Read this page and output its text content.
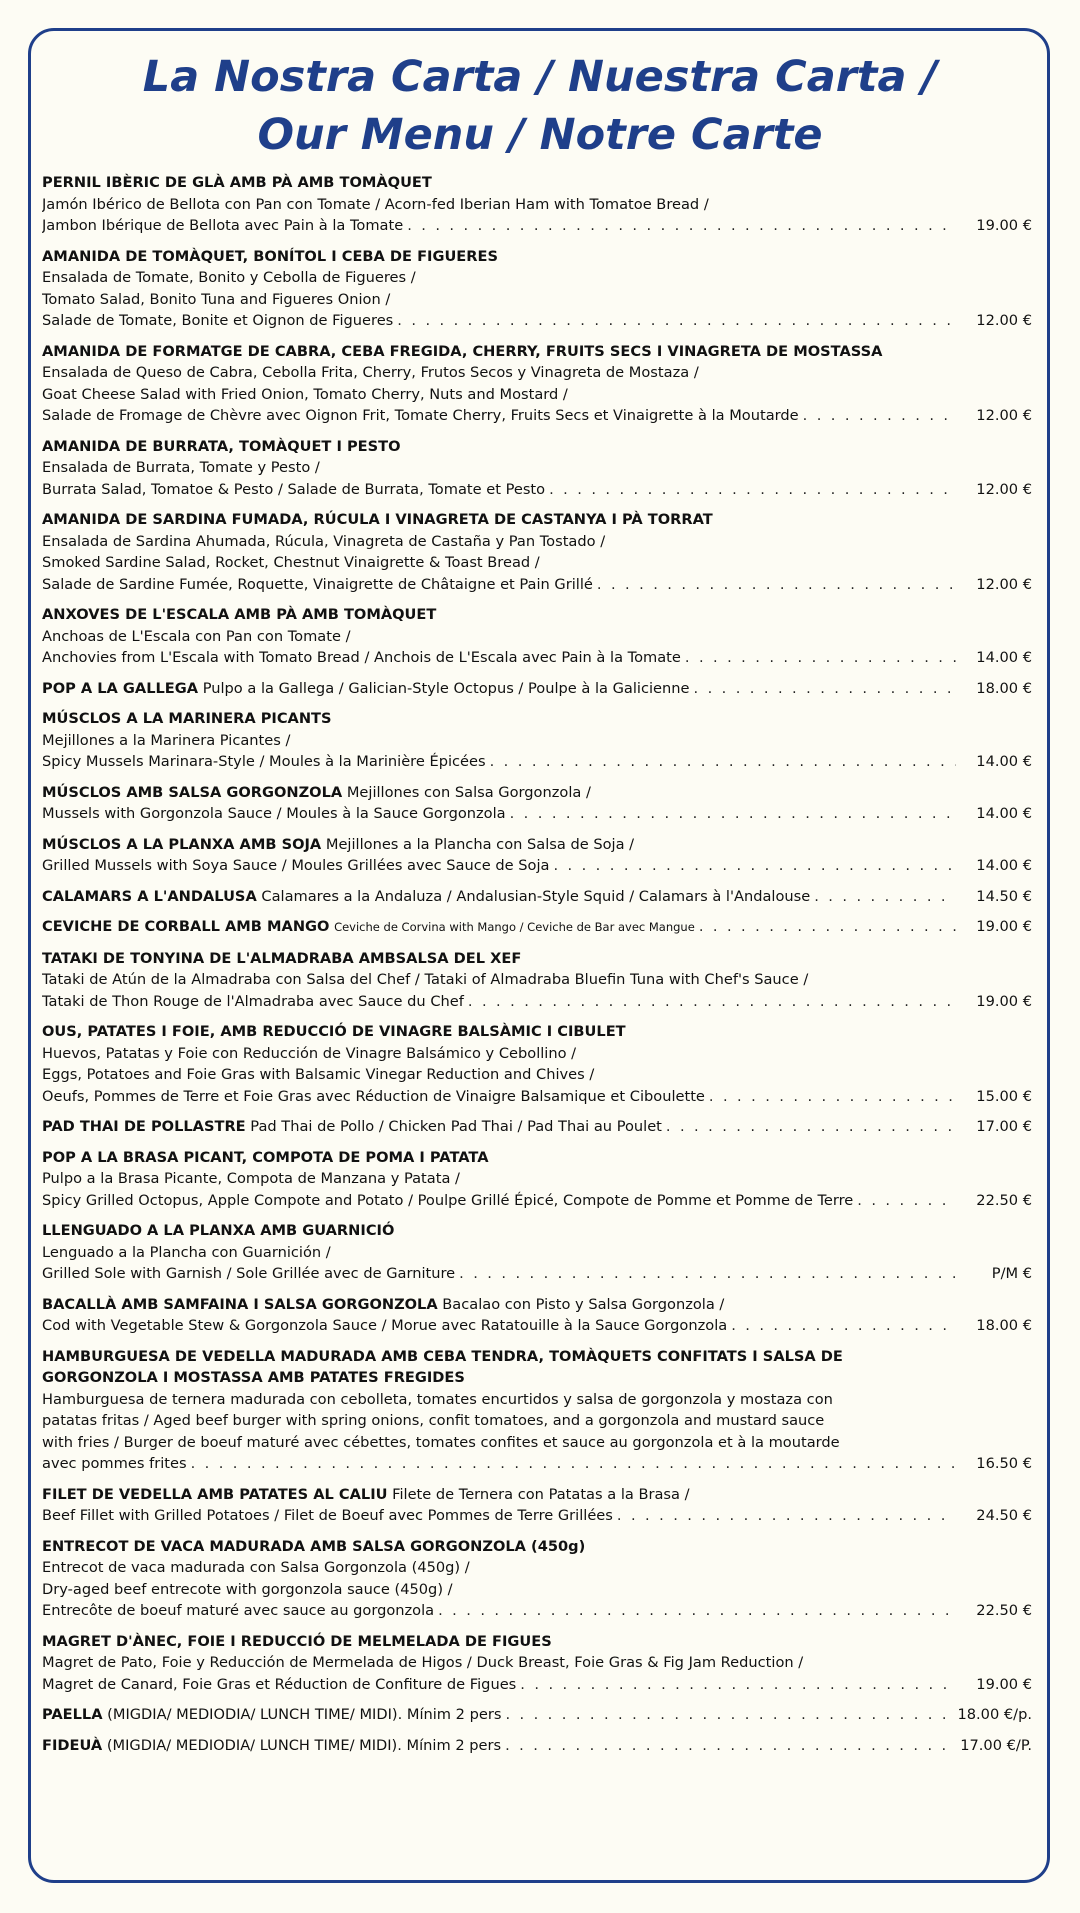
La Nostra Carta / Nuestra Carta /
Our Menu / Notre Carte
PERNIL IBÈRIC DE GLÀ AMB PÀ AMB TOMÀQUET
Jamón Ibérico de Bellota con Pan con Tomate / Acorn-fed Iberian Ham with Tomatoe Bread /
Jambon Ibérique de Bellota avec Pain à la Tomate . . .	19.00 €
AMANIDA DE TOMÀQUET, BONÍTOL I CEBA DE FIGUERES
Ensalada de Tomate, Bonito y Cebolla de Figueres /
Tomato Salad, Bonito Tuna and Figueres Onion /
Salade de Tomate, Bonite et Oignon de Figueres . . .	12.00 €
AMANIDA DE FORMATGE DE CABRA, CEBA FREGIDA, CHERRY, FRUITS SECS I VINAGRETA DE MOSTASSA
Ensalada de Queso de Cabra, Cebolla Frita, Cherry, Frutos Secos y Vinagreta de Mostaza /
Goat Cheese Salad with Fried Onion, Tomato Cherry, Nuts and Mostard /
Salade de Fromage de Chèvre avec Oignon Frit, Tomate Cherry, Fruits Secs et Vinaigrette à la Moutarde . . .	12.00 €
AMANIDA DE BURRATA, TOMÀQUET I PESTO
Ensalada de Burrata, Tomate y Pesto /
Burrata Salad, Tomatoe & Pesto / Salade de Burrata, Tomate et Pesto . . .	12.00 €
AMANIDA DE SARDINA FUMADA, RÚCULA I VINAGRETA DE CASTANYA I PÀ TORRAT
Ensalada de Sardina Ahumada, Rúcula, Vinagreta de Castaña y Pan Tostado /
Smoked Sardine Salad, Rocket, Chestnut Vinaigrette & Toast Bread /
Salade de Sardine Fumée, Roquette, Vinaigrette de Châtaigne et Pain Grillé . . .	12.00 €
ANXOVES DE L'ESCALA AMB PÀ AMB TOMÀQUET
Anchoas de L'Escala con Pan con Tomate /
Anchovies from L'Escala with Tomato Bread / Anchois de L'Escala avec Pain à la Tomate . . .	14.00 €
POP A LA GALLEGA Pulpo a la Gallega / Galician-Style Octopus / Poulpe à la Galicienne . . .	18.00 €
MÚSCLOS A LA MARINERA PICANTS
Mejillones a la Marinera Picantes /
Spicy Mussels Marinara-Style / Moules à la Marinière Épicées . . .	14.00 €
MÚSCLOS AMB SALSA GORGONZOLA Mejillones con Salsa Gorgonzola /
Mussels with Gorgonzola Sauce / Moules à la Sauce Gorgonzola . . .	14.00 €
MÚSCLOS A LA PLANXA AMB SOJA Mejillones a la Plancha con Salsa de Soja /
Grilled Mussels with Soya Sauce / Moules Grillées avec Sauce de Soja . . .	14.00 €
CALAMARS A L'ANDALUSA Calamares a la Andaluza / Andalusian-Style Squid / Calamars à l'Andalouse . . .	14.50 €
CEVICHE DE CORBALL AMB MANGO Ceviche de Corvina with Mango / Ceviche de Bar avec Mangue . . .	19.00 €
TATAKI DE TONYINA DE L'ALMADRABA AMBSALSA DEL XEF
Tataki de Atún de la Almadraba con Salsa del Chef / Tataki of Almadraba Bluefin Tuna with Chef's Sauce /
Tataki de Thon Rouge de l'Almadraba avec Sauce du Chef . . .	19.00 €
OUS, PATATES I FOIE, AMB REDUCCIÓ DE VINAGRE BALSÀMIC I CIBULET
Huevos, Patatas y Foie con Reducción de Vinagre Balsámico y Cebollino /
Eggs, Potatoes and Foie Gras with Balsamic Vinegar Reduction and Chives /
Oeufs, Pommes de Terre et Foie Gras avec Réduction de Vinaigre Balsamique et Ciboulette . . .	15.00 €
PAD THAI DE POLLASTRE Pad Thai de Pollo / Chicken Pad Thai / Pad Thai au Poulet . . .	17.00 €
POP A LA BRASA PICANT, COMPOTA DE POMA I PATATA
Pulpo a la Brasa Picante, Compota de Manzana y Patata /
Spicy Grilled Octopus, Apple Compote and Potato / Poulpe Grillé Épicé, Compote de Pomme et Pomme de Terre . . .	22.50 €
LLENGUADO A LA PLANXA AMB GUARNICIÓ
Lenguado a la Plancha con Guarnición /
Grilled Sole with Garnish / Sole Grillée avec de Garniture . . .	P/M €
BACALLÀ AMB SAMFAINA I SALSA GORGONZOLA Bacalao con Pisto y Salsa Gorgonzola /
Cod with Vegetable Stew & Gorgonzola Sauce / Morue avec Ratatouille à la Sauce Gorgonzola . . .	18.00 €
HAMBURGUESA DE VEDELLA MADURADA AMB CEBA TENDRA, TOMÀQUETS CONFITATS I SALSA DE
GORGONZOLA I MOSTASSA AMB PATATES FREGIDES
Hamburguesa de ternera madurada con cebolleta, tomates encurtidos y salsa de gorgonzola y mostaza con
patatas fritas / Aged beef burger with spring onions, confit tomatoes, and a gorgonzola and mustard sauce
with fries / Burger de boeuf maturé avec cébettes, tomates confites et sauce au gorgonzola et à la moutarde
avec pommes frites . . .	16.50 €
FILET DE VEDELLA AMB PATATES AL CALIU Filete de Ternera con Patatas a la Brasa /
Beef Fillet with Grilled Potatoes / Filet de Boeuf avec Pommes de Terre Grillées . . .	24.50 €
ENTRECOT DE VACA MADURADA AMB SALSA GORGONZOLA (450g)
Entrecot de vaca madurada con Salsa Gorgonzola (450g) /
Dry-aged beef entrecote with gorgonzola sauce (450g) /
Entrecôte de boeuf maturé avec sauce au gorgonzola . . .	22.50 €
MAGRET D'ÀNEC, FOIE I REDUCCIÓ DE MELMELADA DE FIGUES
Magret de Pato, Foie y Reducción de Mermelada de Higos / Duck Breast, Foie Gras & Fig Jam Reduction /
Magret de Canard, Foie Gras et Réduction de Confiture de Figues . . .	19.00 €
PAELLA (MIGDIA/ MEDIODIA/ LUNCH TIME/ MIDI). Mínim 2 pers . . .	18.00 €/p.
FIDEUÀ (MIGDIA/ MEDIODIA/ LUNCH TIME/ MIDI). Mínim 2 pers . . .	17.00 €/P.
